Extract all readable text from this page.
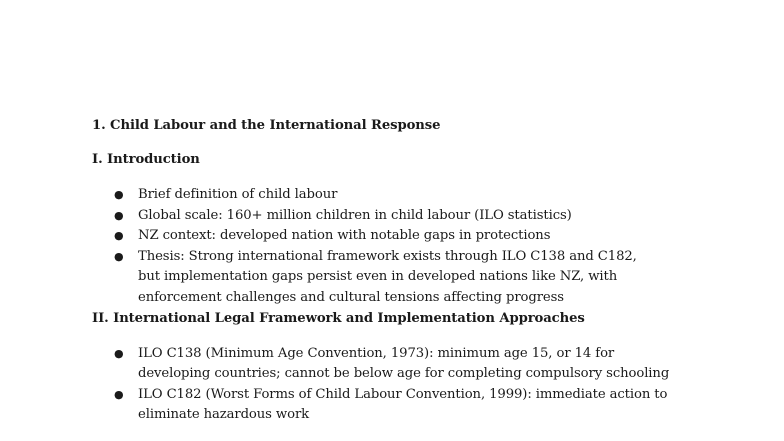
1. Child Labour and the International Response

I. Introduction

● Brief definition of child labour
● Global scale: 160+ million children in child labour (ILO statistics)
● NZ context: developed nation with notable gaps in protections
● Thesis: Strong international framework exists through ILO C138 and C182, but implementation gaps persist even in developed nations like NZ, with enforcement challenges and cultural tensions affecting progress

II. International Legal Framework and Implementation Approaches

● ILO C138 (Minimum Age Convention, 1973): minimum age 15, or 14 for developing countries; cannot be below age for completing compulsory schooling
● ILO C182 (Worst Forms of Child Labour Convention, 1999): immediate action to eliminate hazardous work
